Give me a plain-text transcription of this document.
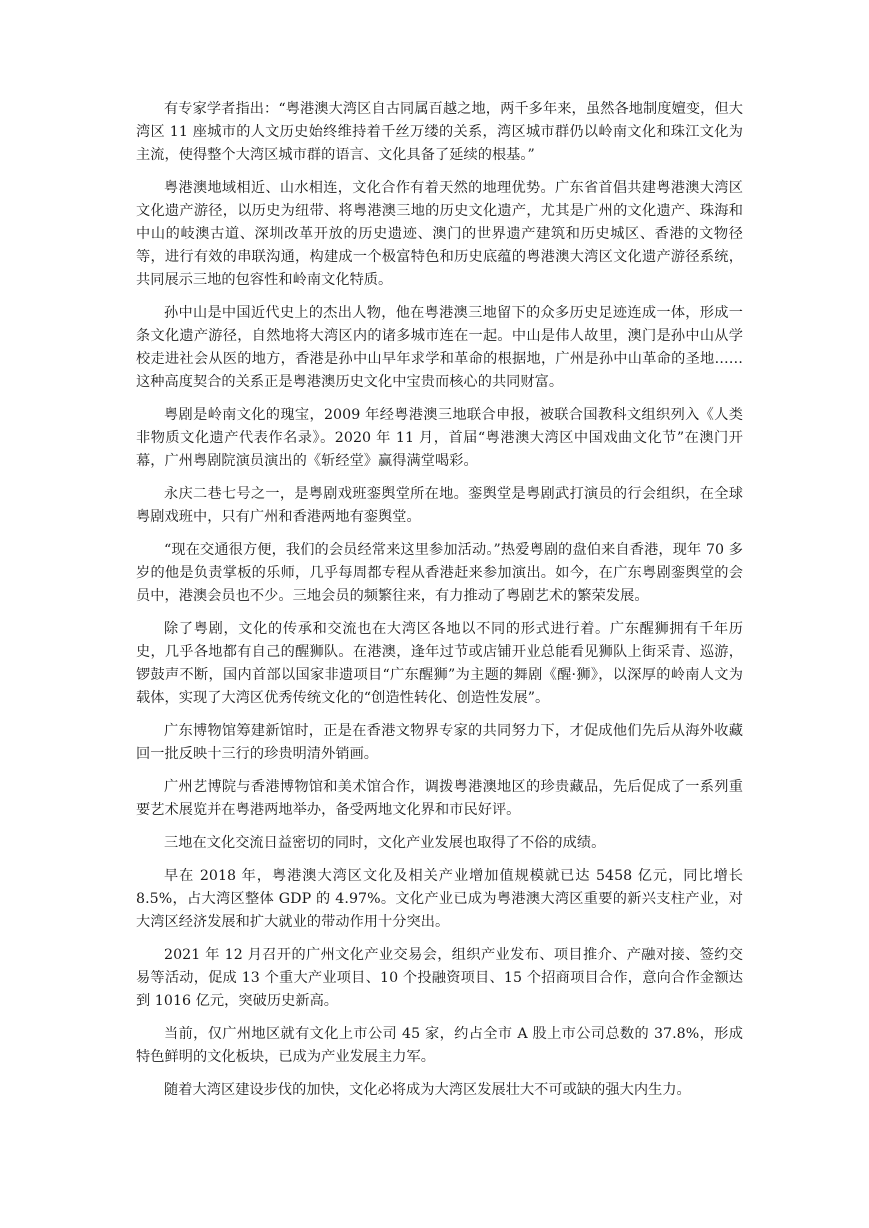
有专家学者指出：“粤港澳大湾区自古同属百越之地，两千多年来，虽然各地制度嬗变，但大湾区 11 座城市的人文历史始终维持着千丝万缕的关系，湾区城市群仍以岭南文化和珠江文化为主流，使得整个大湾区城市群的语言、文化具备了延续的根基。”

粤港澳地域相近、山水相连，文化合作有着天然的地理优势。广东省首倡共建粤港澳大湾区文化遗产游径，以历史为纽带、将粤港澳三地的历史文化遗产，尤其是广州的文化遗产、珠海和中山的岐澳古道、深圳改革开放的历史遗迹、澳门的世界遗产建筑和历史城区、香港的文物径等，进行有效的串联沟通，构建成一个极富特色和历史底蕴的粤港澳大湾区文化遗产游径系统，共同展示三地的包容性和岭南文化特质。

孙中山是中国近代史上的杰出人物，他在粤港澳三地留下的众多历史足迹连成一体，形成一条文化遗产游径，自然地将大湾区内的诸多城市连在一起。中山是伟人故里，澳门是孙中山从学校走进社会从医的地方，香港是孙中山早年求学和革命的根据地，广州是孙中山革命的圣地……这种高度契合的关系正是粤港澳历史文化中宝贵而核心的共同财富。

粤剧是岭南文化的瑰宝，2009 年经粤港澳三地联合申报，被联合国教科文组织列入《人类非物质文化遗产代表作名录》。2020 年 11 月，首届“粤港澳大湾区中国戏曲文化节”在澳门开幕，广州粤剧院演员演出的《斩经堂》赢得满堂喝彩。

永庆二巷七号之一，是粤剧戏班銮舆堂所在地。銮舆堂是粤剧武打演员的行会组织，在全球粤剧戏班中，只有广州和香港两地有銮舆堂。

“现在交通很方便，我们的会员经常来这里参加活动。”热爱粤剧的盘伯来自香港，现年 70 多岁的他是负责掌板的乐师，几乎每周都专程从香港赶来参加演出。如今，在广东粤剧銮舆堂的会员中，港澳会员也不少。三地会员的频繁往来，有力推动了粤剧艺术的繁荣发展。

除了粤剧，文化的传承和交流也在大湾区各地以不同的形式进行着。广东醒狮拥有千年历史，几乎各地都有自己的醒狮队。在港澳，逢年过节或店铺开业总能看见狮队上街采青、巡游，锣鼓声不断，国内首部以国家非遗项目“广东醒狮”为主题的舞剧《醒·狮》，以深厚的岭南人文为载体，实现了大湾区优秀传统文化的“创造性转化、创造性发展”。

广东博物馆筹建新馆时，正是在香港文物界专家的共同努力下，才促成他们先后从海外收藏回一批反映十三行的珍贵明清外销画。

广州艺博院与香港博物馆和美术馆合作，调拨粤港澳地区的珍贵藏品，先后促成了一系列重要艺术展览并在粤港两地举办，备受两地文化界和市民好评。

三地在文化交流日益密切的同时，文化产业发展也取得了不俗的成绩。

早在 2018 年，粤港澳大湾区文化及相关产业增加值规模就已达 5458 亿元，同比增长 8.5%，占大湾区整体 GDP 的 4.97%。文化产业已成为粤港澳大湾区重要的新兴支柱产业，对大湾区经济发展和扩大就业的带动作用十分突出。

2021 年 12 月召开的广州文化产业交易会，组织产业发布、项目推介、产融对接、签约交易等活动，促成 13 个重大产业项目、10 个投融资项目、15 个招商项目合作，意向合作金额达到 1016 亿元，突破历史新高。

当前，仅广州地区就有文化上市公司 45 家，约占全市 A 股上市公司总数的 37.8%，形成特色鲜明的文化板块，已成为产业发展主力军。

随着大湾区建设步伐的加快，文化必将成为大湾区发展壮大不可或缺的强大内生力。
